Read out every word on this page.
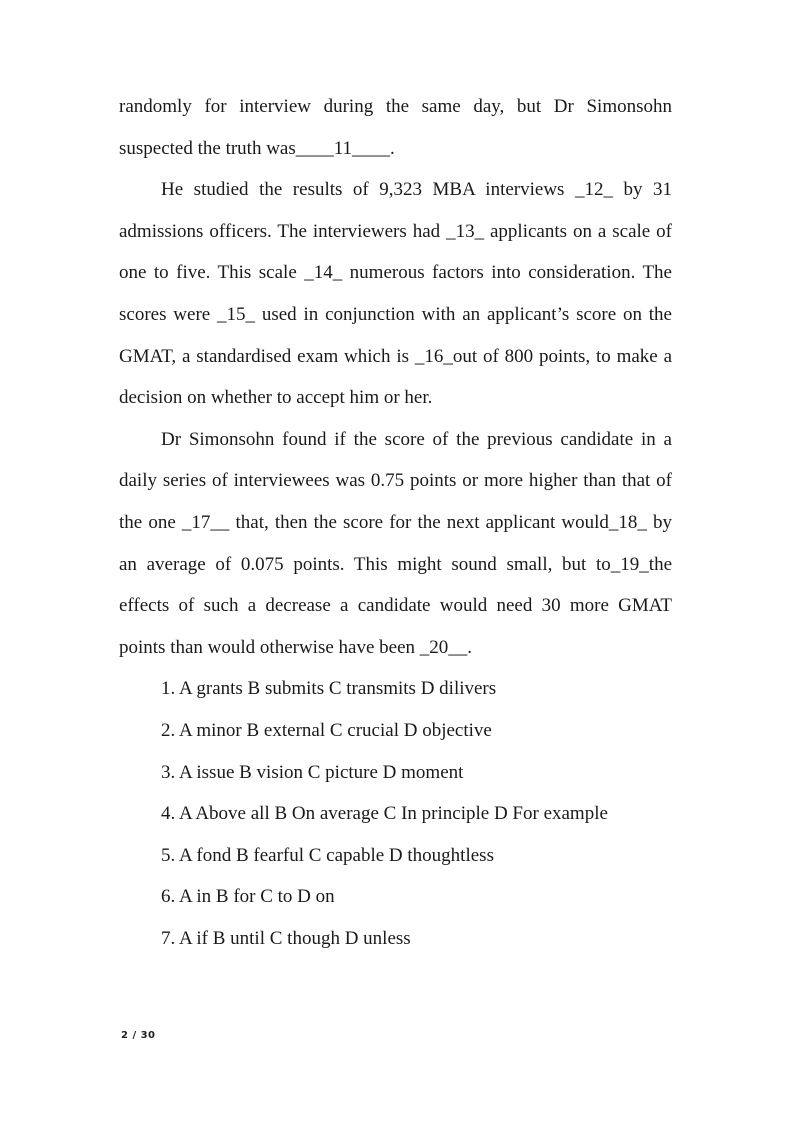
randomly for interview during the same day, but Dr Simonsohn suspected the truth was____11____.

He studied the results of 9,323 MBA interviews _12_ by 31 admissions officers. The interviewers had _13_ applicants on a scale of one to five. This scale _14_ numerous factors into consideration. The scores were _15_ used in conjunction with an applicant’s score on the GMAT, a standardised exam which is _16_out of 800 points, to make a decision on whether to accept him or her.

Dr Simonsohn found if the score of the previous candidate in a daily series of interviewees was 0.75 points or more higher than that of the one _17__ that, then the score for the next applicant would_18_ by an average of 0.075 points. This might sound small, but to_19_the effects of such a decrease a candidate would need 30 more GMAT points than would otherwise have been _20__.

1. A grants B submits C transmits D dilivers
2. A minor B external C crucial D objective
3. A issue B vision C picture D moment
4. A Above all B On average C In principle D For example
5. A fond B fearful C capable D thoughtless
6. A in B for C to D on
7. A if B until C though D unless
2 / 30
